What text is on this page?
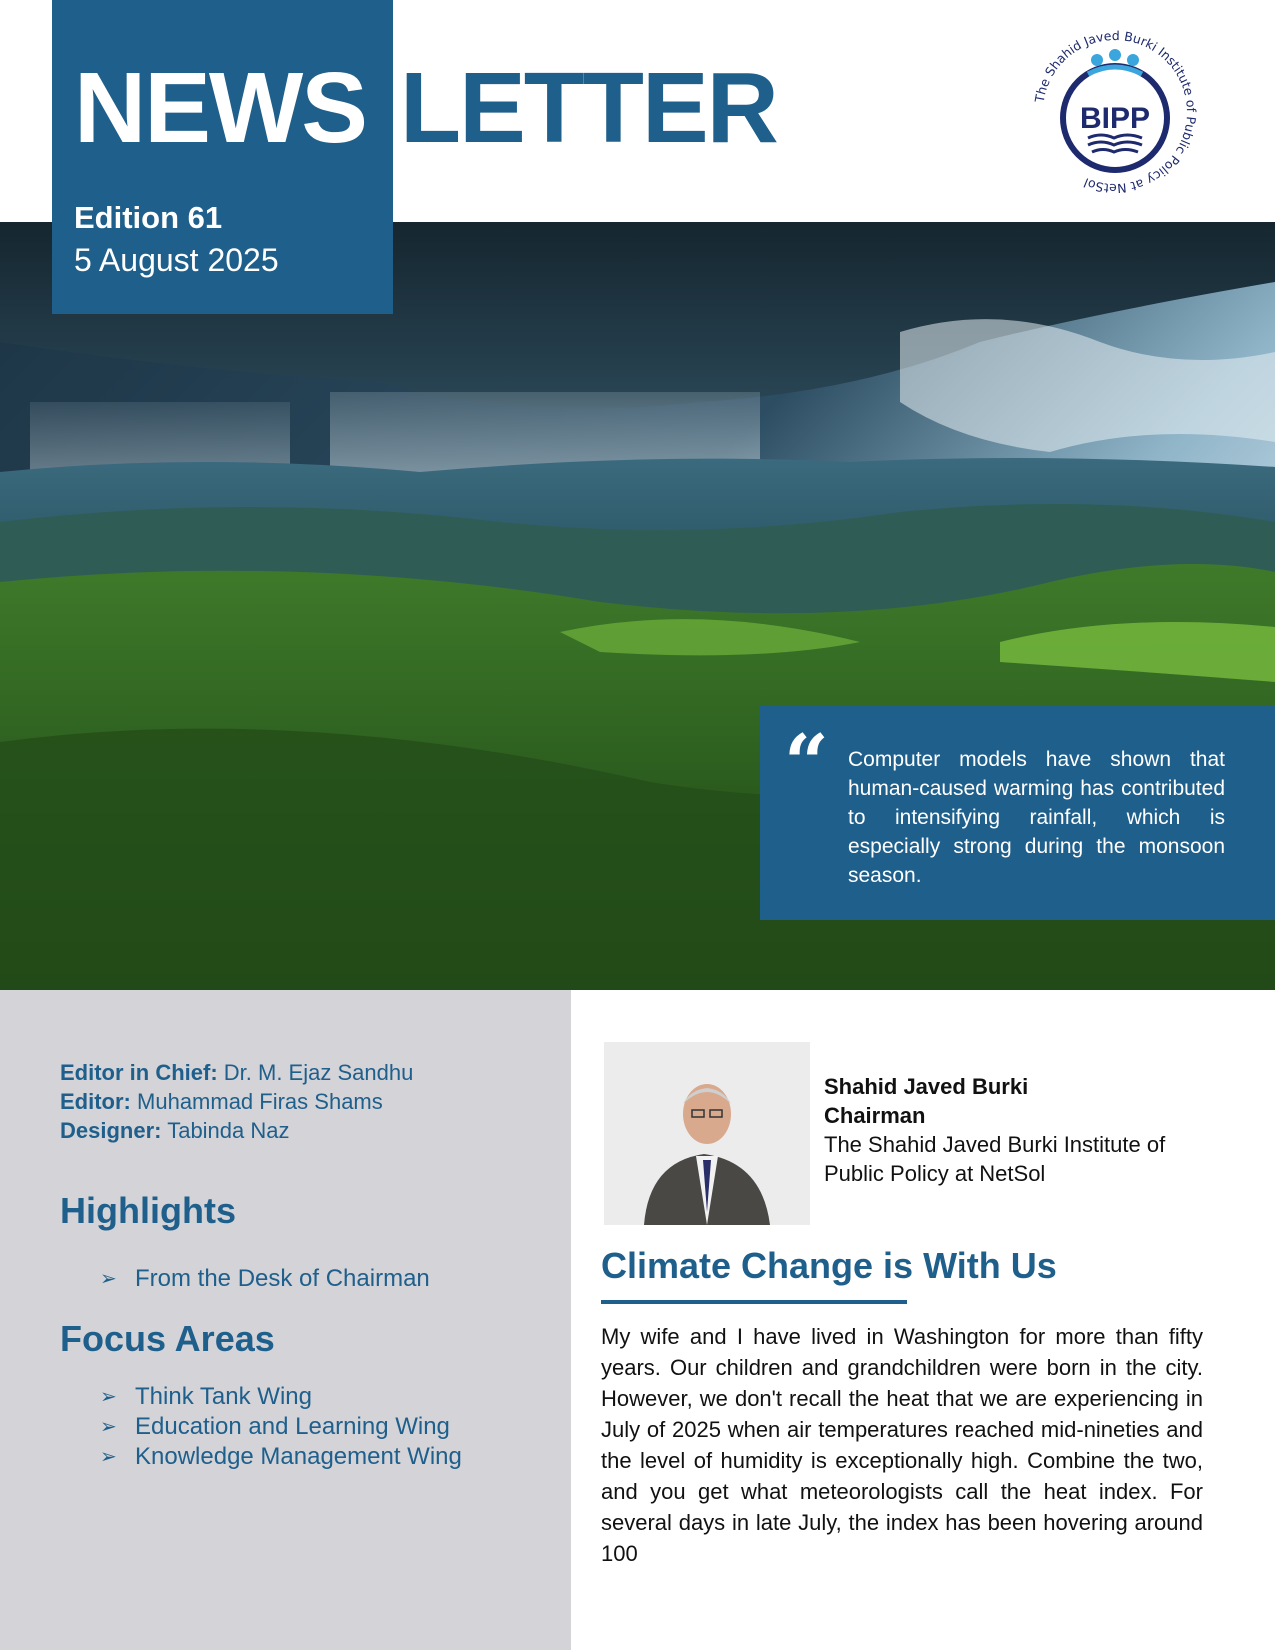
NEWS LETTER
Edition 61
5 August 2025
The Shahid Javed Burki Institute of Public Policy at NetSol
BIPP
“ Computer models have shown that human-caused warming has contributed to intensifying rainfall, which is especially strong during the monsoon season.
Editor in Chief: Dr. M. Ejaz Sandhu
Editor: Muhammad Firas Shams
Designer: Tabinda Naz
Highlights
➢ From the Desk of Chairman
Focus Areas
➢ Think Tank Wing
➢ Education and Learning Wing
➢ Knowledge Management Wing
Shahid Javed Burki
Chairman
The Shahid Javed Burki Institute of Public Policy at NetSol
Climate Change is With Us
My wife and I have lived in Washington for more than fifty years. Our children and grandchildren were born in the city. However, we don't recall the heat that we are experiencing in July of 2025 when air temperatures reached mid-nineties and the level of humidity is exceptionally high. Combine the two, and you get what meteorologists call the heat index. For several days in late July, the index has been hovering around 100
